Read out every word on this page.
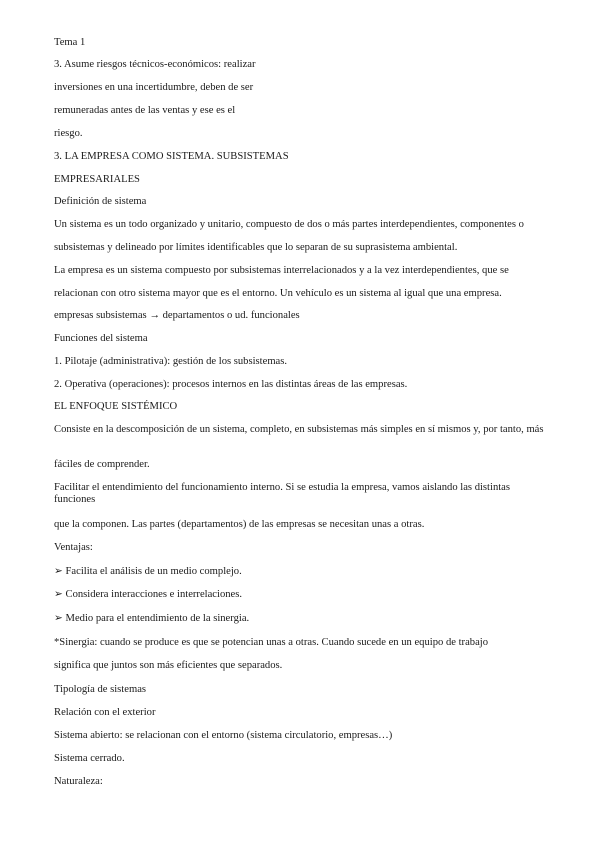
Tema 1
3. Asume riesgos técnicos-económicos: realizar
inversiones en una incertidumbre, deben de ser
remuneradas antes de las ventas y ese es el
riesgo.
3. LA EMPRESA COMO SISTEMA. SUBSISTEMAS
EMPRESARIALES
Definición de sistema
Un sistema es un todo organizado y unitario, compuesto de dos o más partes interdependientes, componentes o
subsistemas y delineado por límites identificables que lo separan de su suprasistema ambiental.
La empresa es un sistema compuesto por subsistemas interrelacionados y a la vez interdependientes, que se
relacionan con otro sistema mayor que es el entorno. Un vehículo es un sistema al igual que una empresa.
empresas subsistemas → departamentos o ud. funcionales
Funciones del sistema
1. Pilotaje (administrativa): gestión de los subsistemas.
2. Operativa (operaciones): procesos internos en las distintas áreas de las empresas.
EL ENFOQUE SISTÉMICO
Consiste en la descomposición de un sistema, completo, en subsistemas más simples en sí mismos y, por tanto, más
fáciles de comprender.
Facilitar el entendimiento del funcionamiento interno. Si se estudia la empresa, vamos aislando las distintas funciones
que la componen. Las partes (departamentos) de las empresas se necesitan unas a otras.
Ventajas:
➢ Facilita el análisis de un medio complejo.
➢ Considera interacciones e interrelaciones.
➢ Medio para el entendimiento de la sinergia.
*Sinergia: cuando se produce es que se potencian unas a otras. Cuando sucede en un equipo de trabajo
significa que juntos son más eficientes que separados.
Tipología de sistemas
Relación con el exterior
Sistema abierto: se relacionan con el entorno (sistema circulatorio, empresas…)
Sistema cerrado.
Naturaleza:
